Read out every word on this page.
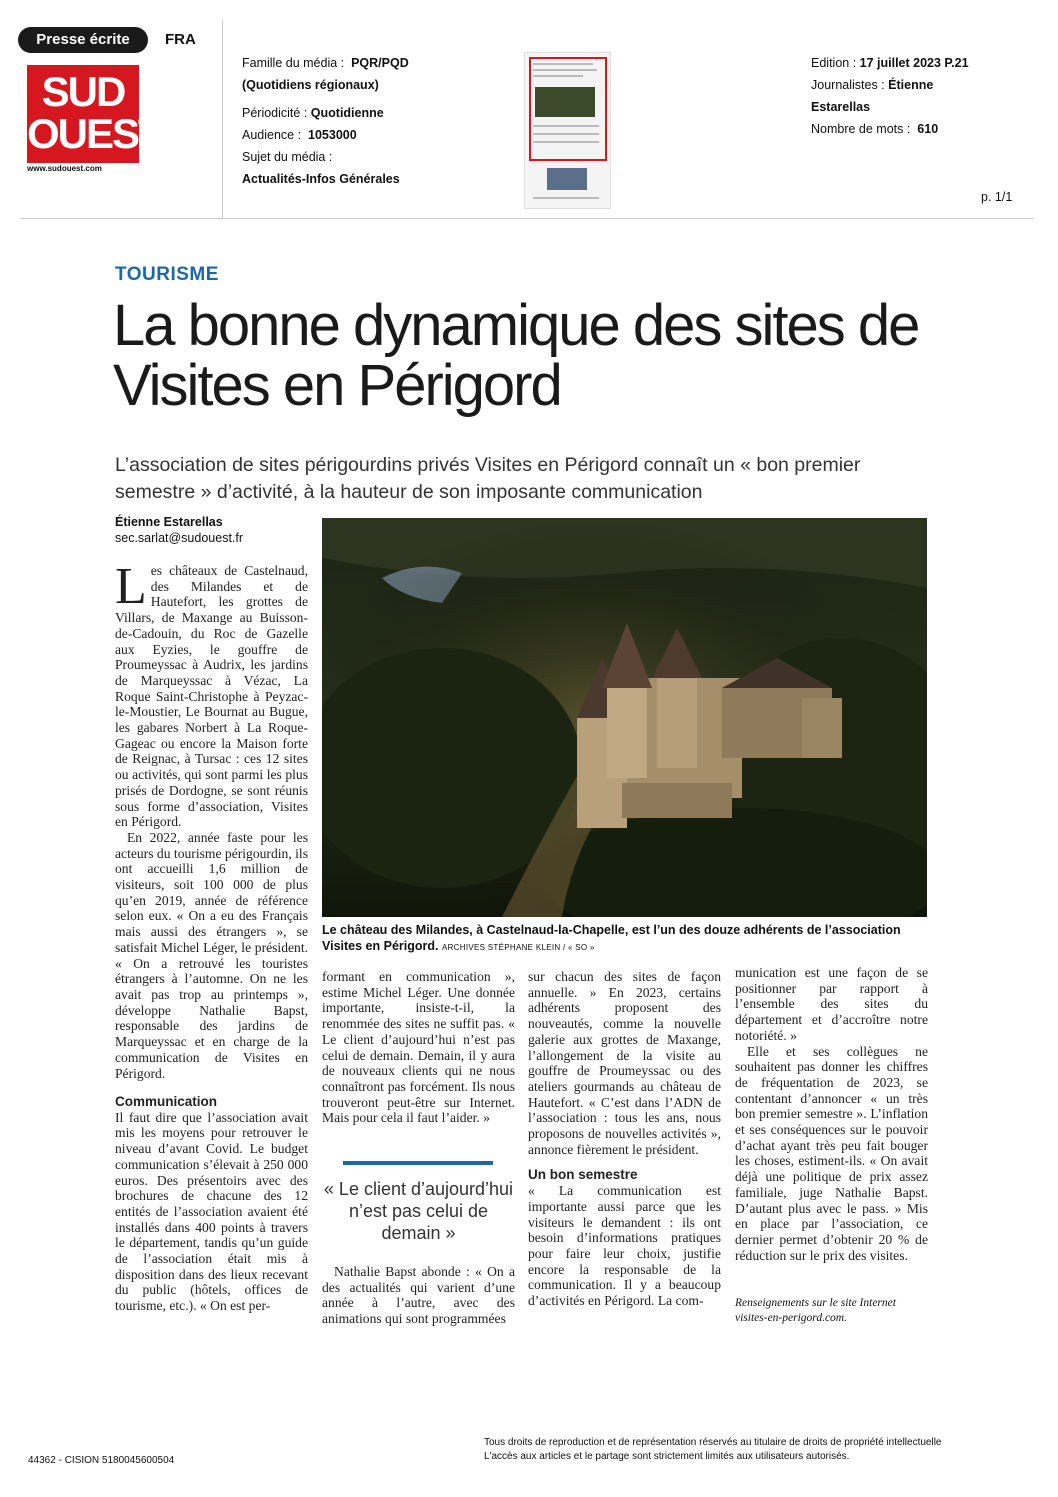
Presse écrite	FRA
SUD
OUEST
www.sudouest.com
Famille du média : PQR/PQD
(Quotidiens régionaux)
Périodicité : Quotidienne
Audience : 1053000
Sujet du média :
Actualités-Infos Générales
Edition : 17 juillet 2023 P.21
Journalistes : Étienne
Estarellas
Nombre de mots : 610
p. 1/1
TOURISME
La bonne dynamique des sites de Visites en Périgord
L’association de sites périgourdins privés Visites en Périgord connaît un « bon premier semestre » d’activité, à la hauteur de son imposante communication
Étienne Estarellas
sec.sarlat@sudouest.fr
Le château des Milandes, à Castelnaud-la-Chapelle, est l’un des douze adhérents de l’association Visites en Périgord. ARCHIVES STÉPHANE KLEIN / « SO »

Les châteaux de Castelnaud, des Milandes et de Hautefort, les grottes de Villars, de Maxange au Buisson-de-Cadouin, du Roc de Gazelle aux Eyzies, le gouffre de Proumeyssac à Audrix, les jardins de Marqueyssac à Vézac, La Roque Saint-Christophe à Peyzac-le-Moustier, Le Bournat au Bugue, les gabares Norbert à La Roque-Gageac ou encore la Maison forte de Reignac, à Tursac : ces 12 sites ou activités, qui sont parmi les plus prisés de Dordogne, se sont réunis sous forme d’association, Visites en Périgord.

En 2022, année faste pour les acteurs du tourisme périgourdin, ils ont accueilli 1,6 million de visiteurs, soit 100 000 de plus qu’en 2019, année de référence selon eux. « On a eu des Français mais aussi des étrangers », se satisfait Michel Léger, le président. « On a retrouvé les touristes étrangers à l’automne. On ne les avait pas trop au printemps », développe Nathalie Bapst, responsable des jardins de Marqueyssac et en charge de la communication de Visites en Périgord.

Communication

Il faut dire que l’association avait mis les moyens pour retrouver le niveau d’avant Covid. Le budget communication s’élevait à 250 000 euros. Des présentoirs avec des brochures de chacune des 12 entités de l’association avaient été installés dans 400 points à travers le département, tandis qu’un guide de l’association était mis à disposition dans des lieux recevant du public (hôtels, offices de tourisme, etc.). « On est per-

formant en communication », estime Michel Léger. Une donnée importante, insiste-t-il, la renommée des sites ne suffit pas. « Le client d’aujourd’hui n’est pas celui de demain. Demain, il y aura de nouveaux clients qui ne nous connaîtront pas forcément. Ils nous trouveront peut-être sur Internet. Mais pour cela il faut l’aider. »

« Le client d’aujourd’hui n’est pas celui de demain »

Nathalie Bapst abonde : « On a des actualités qui varient d’une année à l’autre, avec des animations qui sont programmées

sur chacun des sites de façon annuelle. » En 2023, certains adhérents proposent des nouveautés, comme la nouvelle galerie aux grottes de Maxange, l’allongement de la visite au gouffre de Proumeyssac ou des ateliers gourmands au château de Hautefort. « C’est dans l’ADN de l’association : tous les ans, nous proposons de nouvelles activités », annonce fièrement le président.

Un bon semestre

« La communication est importante aussi parce que les visiteurs le demandent : ils ont besoin d’informations pratiques pour faire leur choix, justifie encore la responsable de la communication. Il y a beaucoup d’activités en Périgord. La com-

munication est une façon de se positionner par rapport à l’ensemble des sites du département et d’accroître notre notoriété. »

Elle et ses collègues ne souhaitent pas donner les chiffres de fréquentation de 2023, se contentant d’annoncer « un très bon premier semestre ». L’inflation et ses conséquences sur le pouvoir d’achat ayant très peu fait bouger les choses, estiment-ils. « On avait déjà une politique de prix assez familiale, juge Nathalie Bapst. D’autant plus avec le pass. » Mis en place par l’association, ce dernier permet d’obtenir 20 % de réduction sur le prix des visites.

Renseignements sur le site Internet visites-en-perigord.com.
44362 - CISION 5180045600504
Tous droits de reproduction et de représentation réservés au titulaire de droits de propriété intellectuelle
L'accès aux articles et le partage sont strictement limités aux utilisateurs autorisés.
